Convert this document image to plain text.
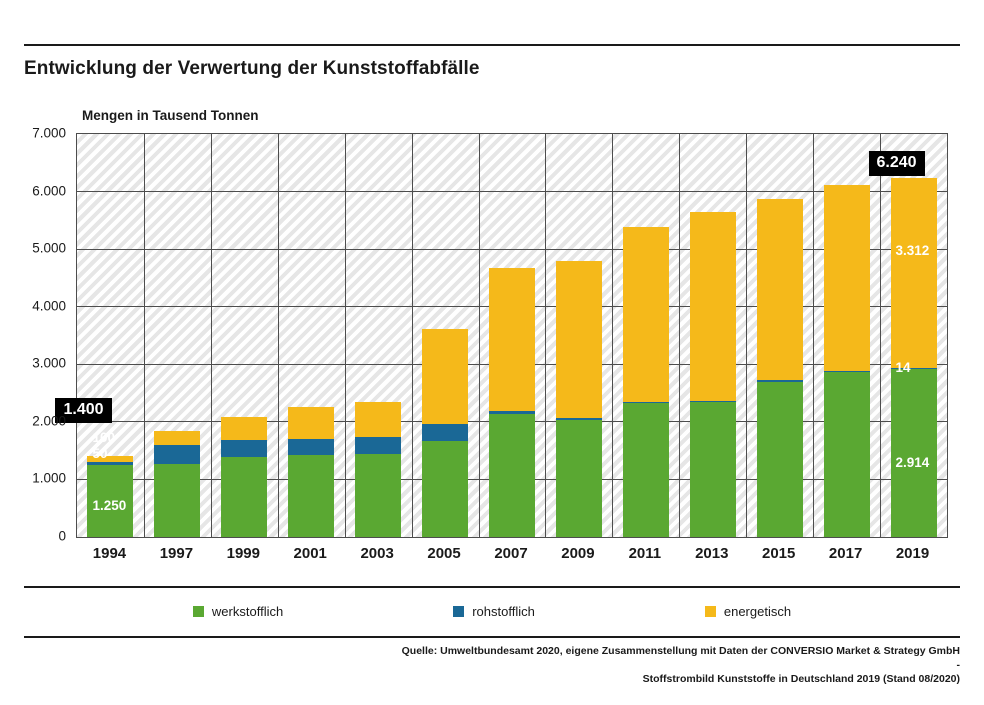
Entwicklung der Verwertung der Kunststoffabfälle
Mengen in Tausend Tonnen
1.250
50
100
2.914
14
3.312
1.400
6.240
0
1.000
2.000
3.000
4.000
5.000
6.000
7.000
1994 1997 1999 2001 2003 2005 2007 2009 2011 2013 2015 2017 2019
werkstofflich	rohstofflich	energetisch
Quelle: Umweltbundesamt 2020, eigene Zusammenstellung mit Daten der CONVERSIO Market & Strategy GmbH -
Stoffstrombild Kunststoffe in Deutschland 2019 (Stand 08/2020)
